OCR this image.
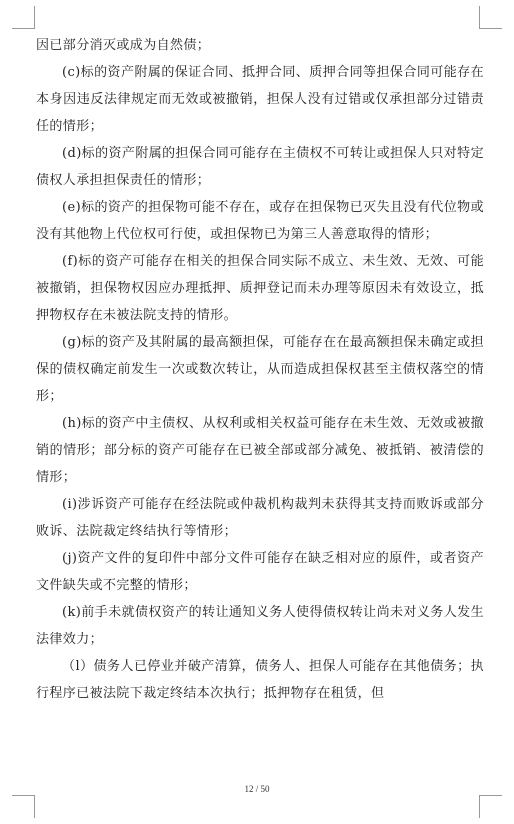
因已部分消灭或成为自然债；

(c)标的资产附属的保证合同、抵押合同、质押合同等担保合同可能存在本身因违反法律规定而无效或被撤销，担保人没有过错或仅承担部分过错责任的情形；

(d)标的资产附属的担保合同可能存在主债权不可转让或担保人只对特定债权人承担担保责任的情形；

(e)标的资产的担保物可能不存在，或存在担保物已灭失且没有代位物或没有其他物上代位权可行使，或担保物已为第三人善意取得的情形；

(f)标的资产可能存在相关的担保合同实际不成立、未生效、无效、可能被撤销，担保物权因应办理抵押、质押登记而未办理等原因未有效设立，抵押物权存在未被法院支持的情形。

(g)标的资产及其附属的最高额担保，可能存在在最高额担保未确定或担保的债权确定前发生一次或数次转让，从而造成担保权甚至主债权落空的情形；

(h)标的资产中主债权、从权利或相关权益可能存在未生效、无效或被撤销的情形；部分标的资产可能存在已被全部或部分减免、被抵销、被清偿的情形；

(i)涉诉资产可能存在经法院或仲裁机构裁判未获得其支持而败诉或部分败诉、法院裁定终结执行等情形；

(j)资产文件的复印件中部分文件可能存在缺乏相对应的原件，或者资产文件缺失或不完整的情形；

(k)前手未就债权资产的转让通知义务人使得债权转让尚未对义务人发生法律效力；

（l）债务人已停业并破产清算，债务人、担保人可能存在其他债务；执行程序已被法院下裁定终结本次执行；抵押物存在租赁，但

12 / 50
